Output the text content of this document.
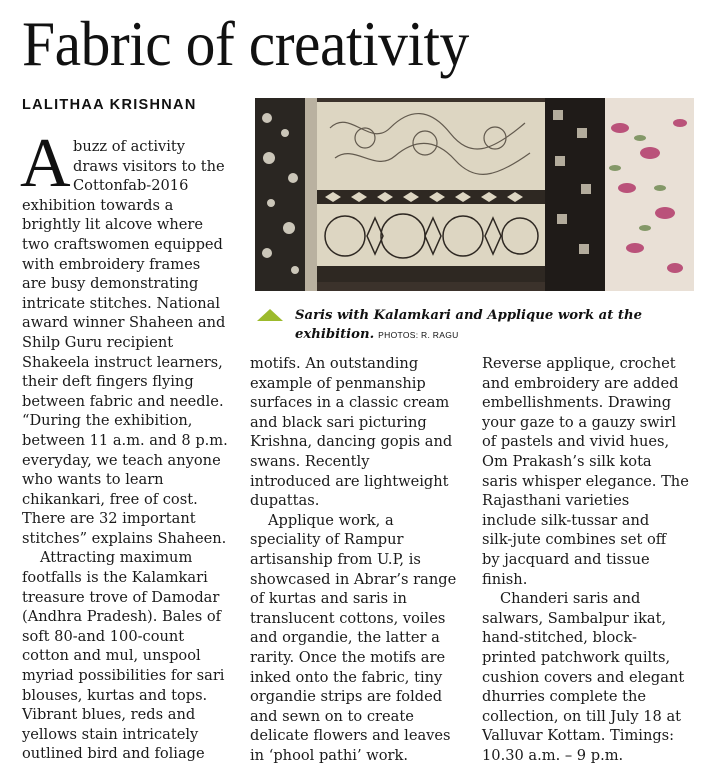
Fabric of creativity
LALITHAA KRISHNAN

Saris with Kalamkari and Applique work at the exhibition. PHOTOS: R. RAGU

A buzz of activity
draws visitors to the
Cottonfab-2016
exhibition towards a
brightly lit alcove where
two craftswomen equipped
with embroidery frames
are busy demonstrating
intricate stitches. National
award winner Shaheen and
Shilp Guru recipient
Shakeela instruct learners,
their deft fingers flying
between fabric and needle.
“During the exhibition,
between 11 a.m. and 8 p.m.
everyday, we teach anyone
who wants to learn
chikankari, free of cost.
There are 32 important
stitches” explains Shaheen.
Attracting maximum
footfalls is the Kalamkari
treasure trove of Damodar
(Andhra Pradesh). Bales of
soft 80-and 100-count
cotton and mul, unspool
myriad possibilities for sari
blouses, kurtas and tops.
Vibrant blues, reds and
yellows stain intricately
outlined bird and foliage
motifs. An outstanding
example of penmanship
surfaces in a classic cream
and black sari picturing
Krishna, dancing gopis and
swans. Recently
introduced are lightweight
dupattas.
Applique work, a
speciality of Rampur
artisanship from U.P, is
showcased in Abrar’s range
of kurtas and saris in
translucent cottons, voiles
and organdie, the latter a
rarity. Once the motifs are
inked onto the fabric, tiny
organdie strips are folded
and sewn on to create
delicate flowers and leaves
in ‘phool pathi’ work.
Reverse applique, crochet
and embroidery are added
embellishments. Drawing
your gaze to a gauzy swirl
of pastels and vivid hues,
Om Prakash’s silk kota
saris whisper elegance. The
Rajasthani varieties
include silk-tussar and
silk-jute combines set off
by jacquard and tissue
finish.
Chanderi saris and
salwars, Sambalpur ikat,
hand-stitched, block-
printed patchwork quilts,
cushion covers and elegant
dhurries complete the
collection, on till July 18 at
Valluvar Kottam. Timings:
10.30 a.m. – 9 p.m.
